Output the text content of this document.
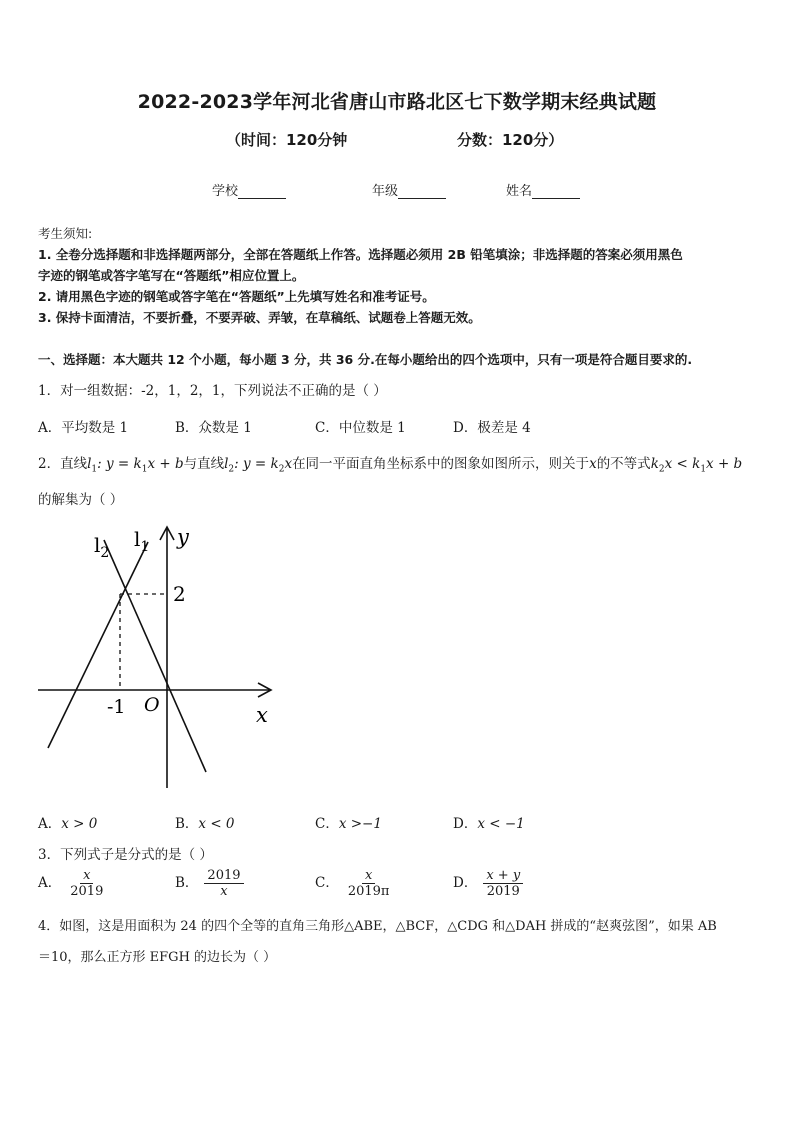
2022-2023学年河北省唐山市路北区七下数学期末经典试题
（时间：120分钟	分数：120分）
学校	年级	姓名
考生须知:
1. 全卷分选择题和非选择题两部分，全部在答题纸上作答。选择题必须用 2B 铅笔填涂；非选择题的答案必须用黑色
字迹的钢笔或答字笔写在“答题纸”相应位置上。
2. 请用黑色字迹的钢笔或答字笔在“答题纸”上先填写姓名和准考证号。
3. 保持卡面清洁，不要折叠，不要弄破、弄皱，在草稿纸、试题卷上答题无效。
一、选择题：本大题共 12 个小题，每小题 3 分，共 36 分.在每小题给出的四个选项中，只有一项是符合题目要求的.
1．对一组数据：-2，1，2，1，下列说法不正确的是（ ）
A．平均数是 1	B．众数是 1	C．中位数是 1	D．极差是 4
2．直线$l_1$: $y = k_1x + b$与直线$l_2$: $y = k_2x$在同一平面直角坐标系中的图象如图所示，则关于x的不等式$k_2x < k_1x + b$
的解集为（ ）
$l_2$
$l_1$ y
x
2
-1 O
A．x > 0	B．x < 0	C．x >−1	D．x < −1
3．下列式子是分式的是（ ）
A． $\frac{x}{2019}$	B． $\frac{2019}{x}$	C． $\frac{x}{2019\pi}$	D． $\frac{x + y}{2019}$
4．如图，这是用面积为 24 的四个全等的直角三角形△ABE，△BCF，△CDG 和△DAH 拼成的“赵爽弦图”，如果 AB
＝10，那么正方形 EFGH 的边长为（ ）
